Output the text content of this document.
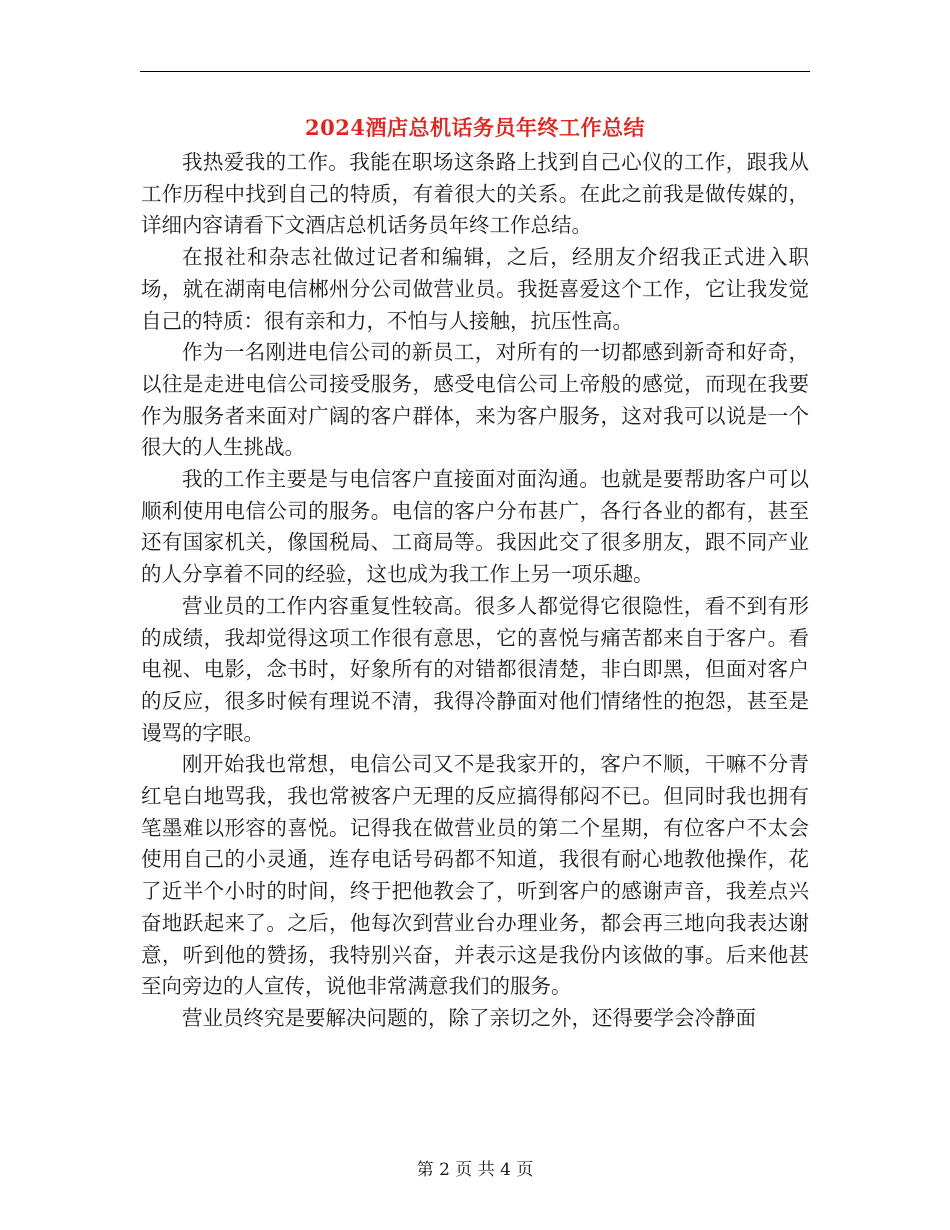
2024酒店总机话务员年终工作总结

我热爱我的工作。我能在职场这条路上找到自己心仪的工作，跟我从工作历程中找到自己的特质，有着很大的关系。在此之前我是做传媒的， 详细内容请看下文酒店总机话务员年终工作总结。

在报社和杂志社做过记者和编辑，之后，经朋友介绍我正式进入职场，就在湖南电信郴州分公司做营业员。我挺喜爱这个工作，它让我发觉自己的特质：很有亲和力，不怕与人接触，抗压性高。

作为一名刚进电信公司的新员工，对所有的一切都感到新奇和好奇，以往是走进电信公司接受服务，感受电信公司上帝般的感觉，而现在我要作为服务者来面对广阔的客户群体，来为客户服务，这对我可以说是一个很大的人生挑战。

我的工作主要是与电信客户直接面对面沟通。也就是要帮助客户可以顺利使用电信公司的服务。电信的客户分布甚广，各行各业的都有，甚至还有国家机关，像国税局、工商局等。我因此交了很多朋友，跟不同产业的人分享着不同的经验，这也成为我工作上另一项乐趣。

营业员的工作内容重复性较高。很多人都觉得它很隐性，看不到有形的成绩，我却觉得这项工作很有意思，它的喜悦与痛苦都来自于客户。看电视、电影，念书时，好象所有的对错都很清楚，非白即黑，但面对客户的反应，很多时候有理说不清，我得冷静面对他们情绪性的抱怨，甚至是谩骂的字眼。

刚开始我也常想，电信公司又不是我家开的，客户不顺，干嘛不分青红皂白地骂我，我也常被客户无理的反应搞得郁闷不已。但同时我也拥有笔墨难以形容的喜悦。记得我在做营业员的第二个星期，有位客户不太会使用自己的小灵通，连存电话号码都不知道，我很有耐心地教他操作，花了近半个小时的时间，终于把他教会了，听到客户的感谢声音，我差点兴奋地跃起来了。之后，他每次到营业台办理业务，都会再三地向我表达谢意，听到他的赞扬，我特别兴奋，并表示这是我份内该做的事。后来他甚至向旁边的人宣传，说他非常满意我们的服务。

营业员终究是要解决问题的，除了亲切之外，还得要学会冷静面

第 2 页 共 4 页
